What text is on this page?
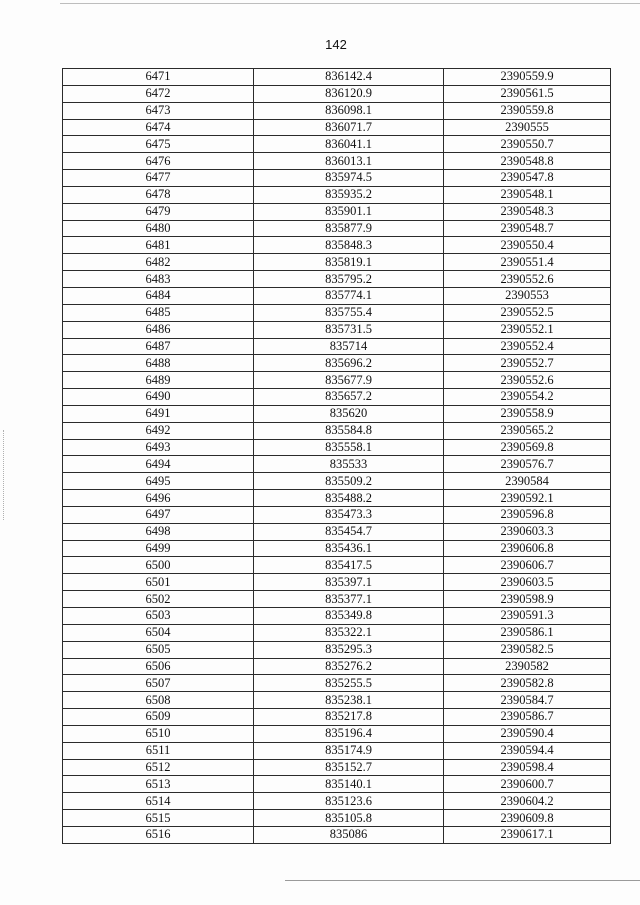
142
6471	836142.4	2390559.9
6472	836120.9	2390561.5
6473	836098.1	2390559.8
6474	836071.7	2390555
6475	836041.1	2390550.7
6476	836013.1	2390548.8
6477	835974.5	2390547.8
6478	835935.2	2390548.1
6479	835901.1	2390548.3
6480	835877.9	2390548.7
6481	835848.3	2390550.4
6482	835819.1	2390551.4
6483	835795.2	2390552.6
6484	835774.1	2390553
6485	835755.4	2390552.5
6486	835731.5	2390552.1
6487	835714	2390552.4
6488	835696.2	2390552.7
6489	835677.9	2390552.6
6490	835657.2	2390554.2
6491	835620	2390558.9
6492	835584.8	2390565.2
6493	835558.1	2390569.8
6494	835533	2390576.7
6495	835509.2	2390584
6496	835488.2	2390592.1
6497	835473.3	2390596.8
6498	835454.7	2390603.3
6499	835436.1	2390606.8
6500	835417.5	2390606.7
6501	835397.1	2390603.5
6502	835377.1	2390598.9
6503	835349.8	2390591.3
6504	835322.1	2390586.1
6505	835295.3	2390582.5
6506	835276.2	2390582
6507	835255.5	2390582.8
6508	835238.1	2390584.7
6509	835217.8	2390586.7
6510	835196.4	2390590.4
6511	835174.9	2390594.4
6512	835152.7	2390598.4
6513	835140.1	2390600.7
6514	835123.6	2390604.2
6515	835105.8	2390609.8
6516	835086	2390617.1
